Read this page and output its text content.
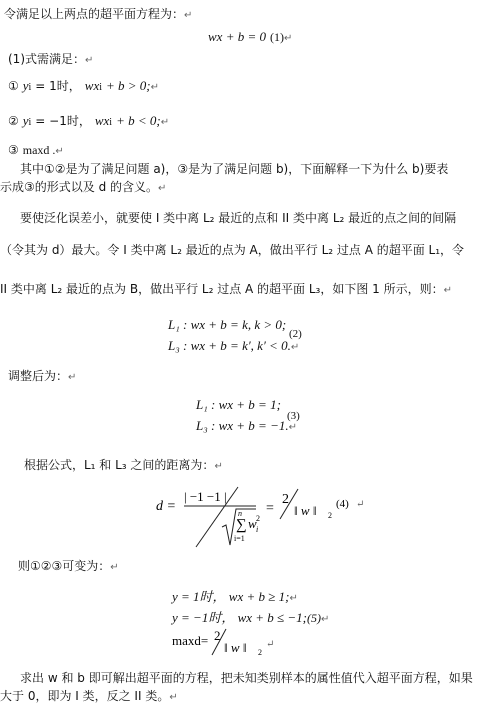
令满足以上两点的超平面方程为：↵
wx + b = 0 (1)↵
(1)式需满足：↵
① yi = 1时， wxi + b > 0;↵
② yi = −1时， wxi + b < 0;↵
③ maxd .↵
其中①②是为了满足问题 a)，③是为了满足问题 b)，下面解释一下为什么 b)要表
示成③的形式以及 d 的含义。↵
要使泛化误差小，就要使 I 类中离 L₂ 最近的点和 II 类中离 L₂ 最近的点之间的间隔
（令其为 d）最大。令 I 类中离 L₂ 最近的点为 A，做出平行 L₂ 过点 A 的超平面 L₁，令
II 类中离 L₂ 最近的点为 B，做出平行 L₂ 过点 A 的超平面 L₃，如下图 1 所示，则：↵
L₁ : wx + b = k, k > 0;
(2)
L₃ : wx + b = k′, k′ < 0.↵
调整后为：↵
L₁ : wx + b = 1;
(3)
L₃ : wx + b = −1.↵
根据公式，L₁ 和 L₃ 之间的距离为：↵
d =
| −1 −1 |
n
∑
i=1
w 2
i
=
2
‖ w ‖ 2
(4) ↵
则①②③可变为：↵
y = 1时， wx + b ≥ 1;↵
y = −1时， wx + b ≤ −1;(5)↵
maxd= 2
‖ w ‖ 2
↵
求出 w 和 b 即可解出超平面的方程，把未知类别样本的属性值代入超平面方程，如果
大于 0，即为 I 类，反之 II 类。↵
